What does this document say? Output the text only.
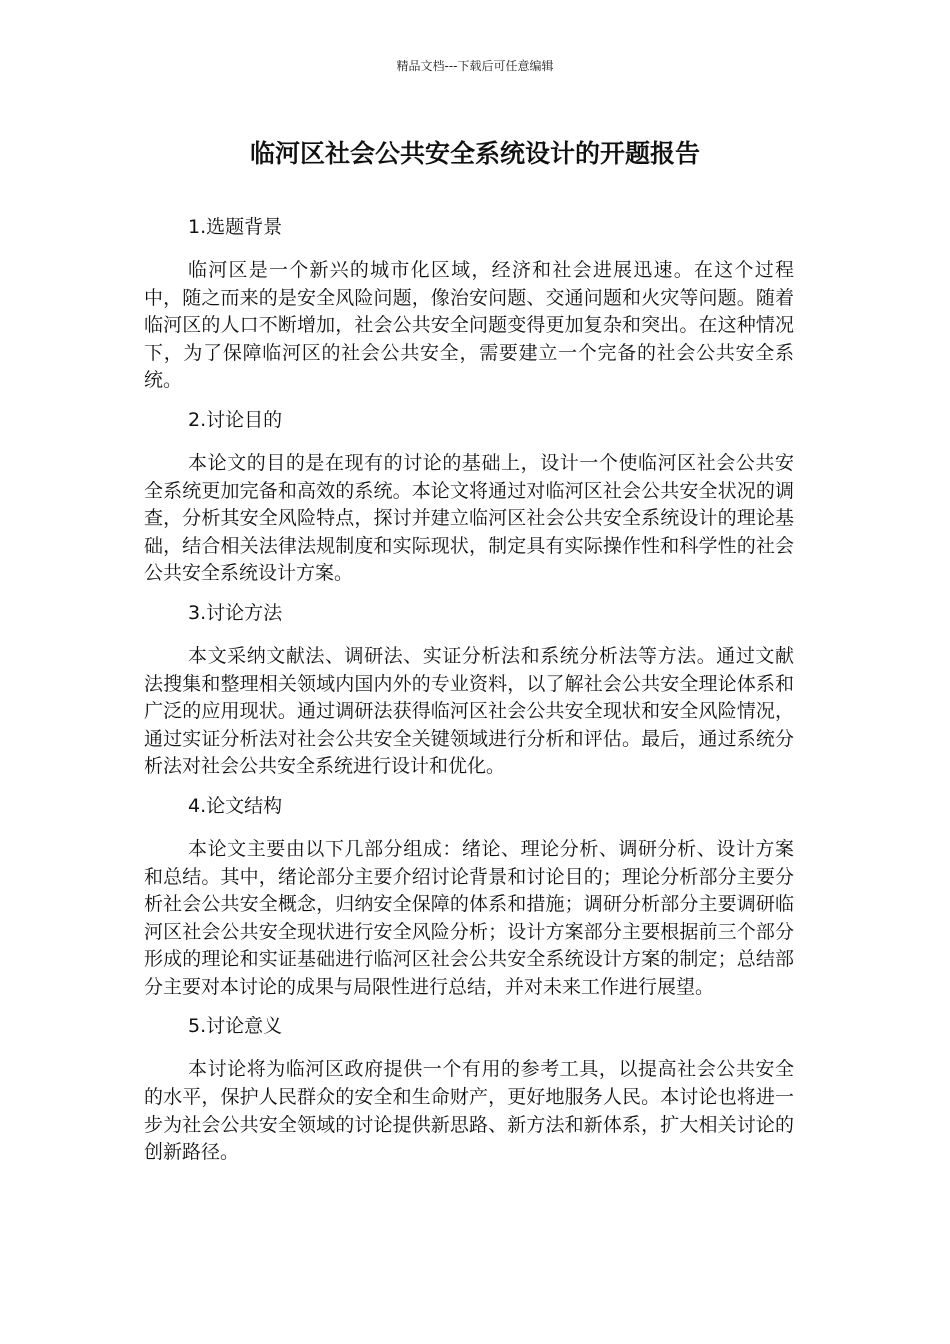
精品文档---下载后可任意编辑
临河区社会公共安全系统设计的开题报告

1.选题背景

临河区是一个新兴的城市化区域，经济和社会进展迅速。在这个过程中，随之而来的是安全风险问题，像治安问题、交通问题和火灾等问题。随着临河区的人口不断增加，社会公共安全问题变得更加复杂和突出。在这种情况下，为了保障临河区的社会公共安全，需要建立一个完备的社会公共安全系统。

2.讨论目的

本论文的目的是在现有的讨论的基础上，设计一个使临河区社会公共安全系统更加完备和高效的系统。本论文将通过对临河区社会公共安全状况的调查，分析其安全风险特点，探讨并建立临河区社会公共安全系统设计的理论基础，结合相关法律法规制度和实际现状，制定具有实际操作性和科学性的社会公共安全系统设计方案。

3.讨论方法

本文采纳文献法、调研法、实证分析法和系统分析法等方法。通过文献法搜集和整理相关领域内国内外的专业资料，以了解社会公共安全理论体系和广泛的应用现状。通过调研法获得临河区社会公共安全现状和安全风险情况，通过实证分析法对社会公共安全关键领域进行分析和评估。最后，通过系统分析法对社会公共安全系统进行设计和优化。

4.论文结构

本论文主要由以下几部分组成：绪论、理论分析、调研分析、设计方案和总结。其中，绪论部分主要介绍讨论背景和讨论目的；理论分析部分主要分析社会公共安全概念，归纳安全保障的体系和措施；调研分析部分主要调研临河区社会公共安全现状进行安全风险分析；设计方案部分主要根据前三个部分形成的理论和实证基础进行临河区社会公共安全系统设计方案的制定；总结部分主要对本讨论的成果与局限性进行总结，并对未来工作进行展望。

5.讨论意义

本讨论将为临河区政府提供一个有用的参考工具，以提高社会公共安全的水平，保护人民群众的安全和生命财产，更好地服务人民。本讨论也将进一步为社会公共安全领域的讨论提供新思路、新方法和新体系，扩大相关讨论的创新路径。
